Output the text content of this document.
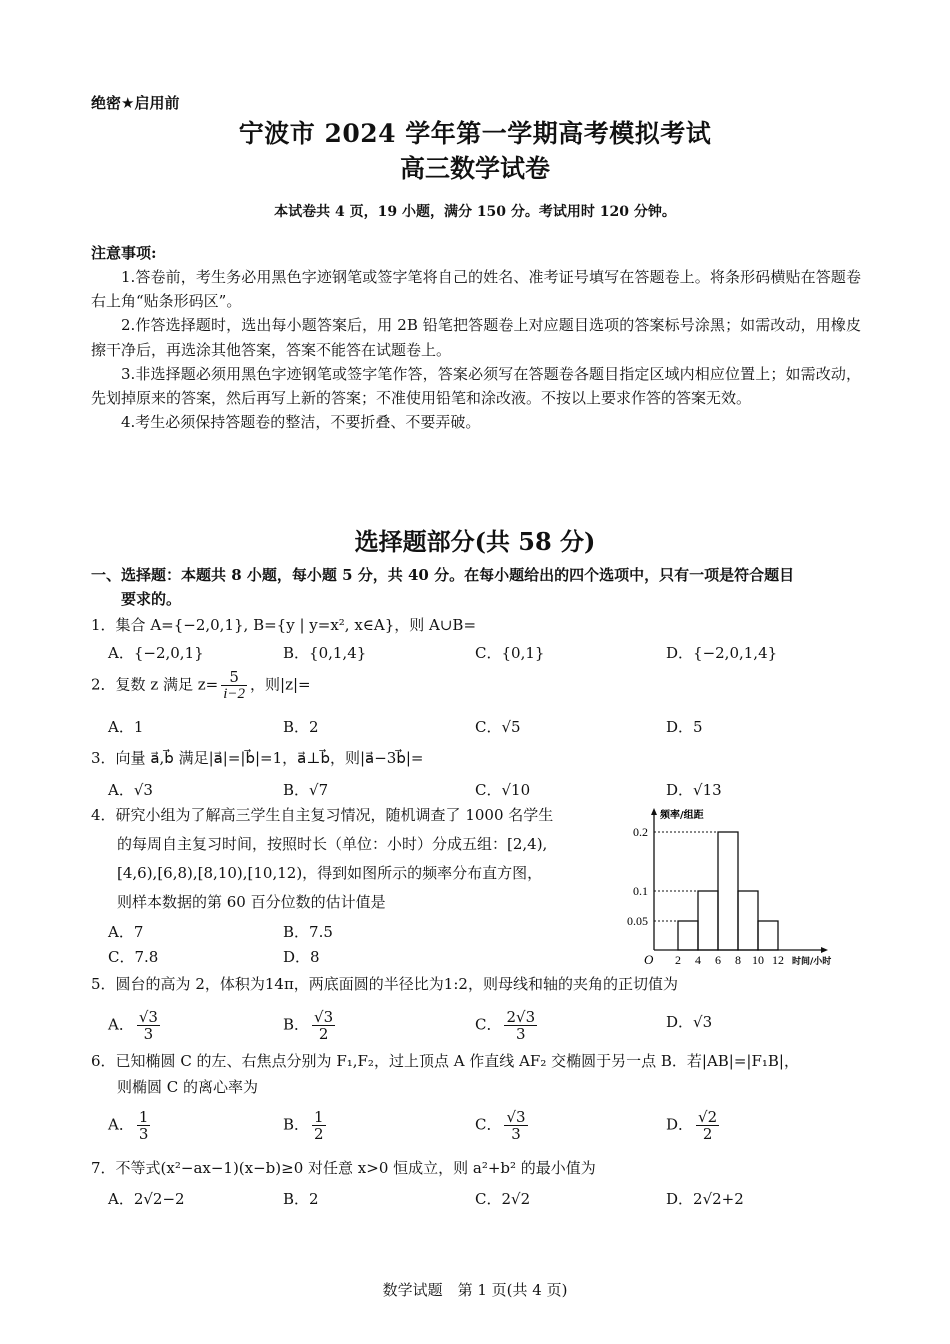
绝密★启用前
宁波市 2024 学年第一学期高考模拟考试
高三数学试卷
本试卷共 4 页，19 小题，满分 150 分。考试用时 120 分钟。
注意事项:

1.答卷前，考生务必用黑色字迹钢笔或签字笔将自己的姓名、准考证号填写在答题卷上。将条形码横贴在答题卷右上角“贴条形码区”。

2.作答选择题时，选出每小题答案后，用 2B 铅笔把答题卷上对应题目选项的答案标号涂黑；如需改动，用橡皮擦干净后，再选涂其他答案，答案不能答在试题卷上。

3.非选择题必须用黑色字迹钢笔或签字笔作答，答案必须写在答题卷各题目指定区域内相应位置上；如需改动，先划掉原来的答案，然后再写上新的答案；不准使用铅笔和涂改液。不按以上要求作答的答案无效。

4.考生必须保持答题卷的整洁，不要折叠、不要弄破。

选择题部分(共 58 分)
一、选择题：本题共 8 小题，每小题 5 分，共 40 分。在每小题给出的四个选项中，只有一项是符合题目
要求的。
1．集合 A={−2,0,1}, B={y | y=x², x∈A}，则 A∪B=
A．{−2,0,1}	B．{0,1,4}	C．{0,1}	D．{−2,0,1,4}
2．复数 z 满足 $z= \frac{5}{i-2}$ ，则|z|=
A．1	B．2	C．√5	D．5
3．向量 a⃗,b⃗ 满足|a⃗|=|b⃗|=1，a⃗⊥b⃗，则|a⃗−3b⃗|=
A．√3	B．√7	C．√10	D．√13
4．研究小组为了解高三学生自主复习情况，随机调查了 1000 名学生
的每周自主复习时间，按照时长（单位：小时）分成五组：[2,4),
[4,6),[6,8),[8,10),[10,12)，得到如图所示的频率分布直方图，
则样本数据的第 60 百分位数的估计值是
A．7	B．7.5
C．7.8	D．8
频率/组距
0.2
0.1
0.05
O 2 4 6 8 10 12 时间/小时
5．圆台的高为 2，体积为14π，两底面圆的半径比为1:2，则母线和轴的夹角的正切值为
A． $\frac{√3}{3}$	B． $\frac{√3}{2}$	C． $\frac{2√3}{3}$	D．√3
6．已知椭圆 C 的左、右焦点分别为 F₁,F₂，过上顶点 A 作直线 AF₂ 交椭圆于另一点 B．若|AB|=|F₁B|，
则椭圆 C 的离心率为
A． $\frac{1}{3}$	B． $\frac{1}{2}$	C． $\frac{√3}{3}$	D． $\frac{√2}{2}$
7．不等式(x²−ax−1)(x−b)≥0 对任意 x>0 恒成立，则 a²+b² 的最小值为
A．2√2−2	B．2	C．2√2	D．2√2+2
数学试题　第 1 页(共 4 页)
